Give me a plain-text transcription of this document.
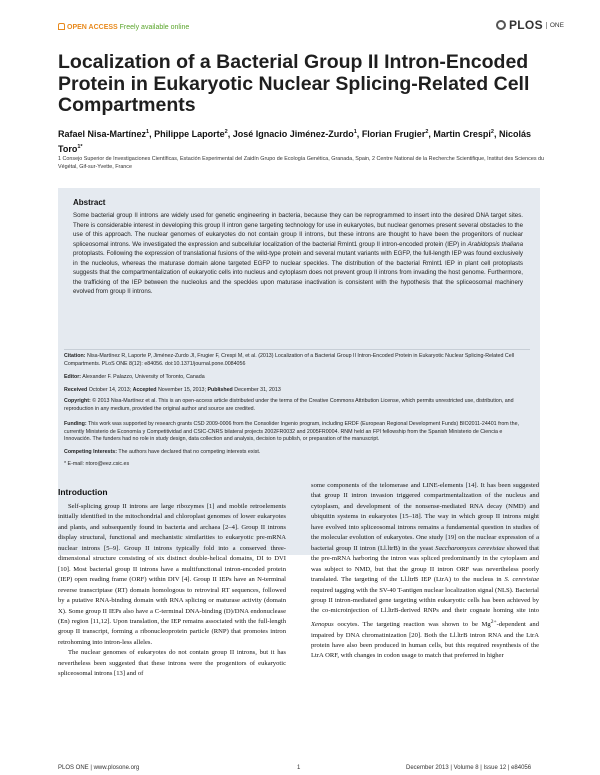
OPEN ACCESS Freely available online	PLOS	ONE
Localization of a Bacterial Group II Intron-Encoded Protein in Eukaryotic Nuclear Splicing-Related Cell Compartments
Rafael Nisa-Martínez$^1$, Philippe Laporte$^2$, José Ignacio Jiménez-Zurdo$^1$, Florian Frugier$^2$, Martin Crespi$^2$, Nicolás Toro$^{1*}$
1 Consejo Superior de Investigaciones Científicas, Estación Experimental del Zaidín Grupo de Ecología Genética, Granada, Spain, 2 Centre National de la Recherche Scientifique, Institut des Sciences du Végétal, Gif-sur-Yvette, France
Abstract
Some bacterial group II introns are widely used for genetic engineering in bacteria, because they can be reprogrammed to insert into the desired DNA target sites. There is considerable interest in developing this group II intron gene targeting technology for use in eukaryotes, but nuclear genomes present several obstacles to the use of this approach. The nuclear genomes of eukaryotes do not contain group II introns, but these introns are thought to have been the progenitors of nuclear spliceosomal introns. We investigated the expression and subcellular localization of the bacterial RmInt1 group II intron-encoded protein (IEP) in Arabidopsis thaliana protoplasts. Following the expression of translational fusions of the wild-type protein and several mutant variants with EGFP, the full-length IEP was found exclusively in the nucleolus, whereas the maturase domain alone targeted EGFP to nuclear speckles. The distribution of the bacterial RmInt1 IEP in plant cell protoplasts suggests that the compartmentalization of eukaryotic cells into nucleus and cytoplasm does not prevent group II introns from invading the host genome. Furthermore, the trafficking of the IEP between the nucleolus and the speckles upon maturase inactivation is consistent with the hypothesis that the spliceosomal machinery evolved from group II introns.
Citation: Nisa-Martínez R, Laporte P, Jiménez-Zurdo JI, Frugier F, Crespi M, et al. (2013) Localization of a Bacterial Group II Intron-Encoded Protein in Eukaryotic Nuclear Splicing-Related Cell Compartments. PLoS ONE 8(12): e84056. doi:10.1371/journal.pone.0084056
Editor: Alexander F. Palazzo, University of Toronto, Canada
Received October 14, 2013; Accepted November 15, 2013; Published December 31, 2013
Copyright: © 2013 Nisa-Martínez et al. This is an open-access article distributed under the terms of the Creative Commons Attribution License, which permits unrestricted use, distribution, and reproduction in any medium, provided the original author and source are credited.
Funding: This work was supported by research grants CSD 2009-0006 from the Consolider Ingenio program, including ERDF (European Regional Development Funds) BIO2011-24401 from the, currently Ministerio de Economía y Competitividad and CSIC-CNRS bilateral projects 2002FR0032 and 2005FR0004. RNM held an FPI fellowship from the Spanish Ministerio de Ciencia e Innovación. The funders had no role in study design, data collection and analysis, decision to publish, or preparation of the manuscript.
Competing Interests: The authors have declared that no competing interests exist.
* E-mail: ntoro@eez.csic.es
Introduction

Self-splicing group II introns are large ribozymes [1] and mobile retroelements initially identified in the mitochondrial and chloroplast genomes of lower eukaryotes and plants, and subsequently found in bacteria and archaea [2–4]. Group II introns display structural, functional and mechanistic similarities to eukaryotic pre-mRNA nuclear introns [5–9]. Group II introns typically fold into a conserved three-dimensional structure consisting of six distinct double-helical domains, DI to DVI [10]. Most bacterial group II introns have a multifunctional intron-encoded protein (IEP) open reading frame (ORF) within DIV [4]. Group II IEPs have an N-terminal reverse transcriptase (RT) domain homologous to retroviral RT sequences, followed by a putative RNA-binding domain with RNA splicing or maturase activity (domain X). Some group II IEPs also have a C-terminal DNA-binding (D)/DNA endonuclease (En) region [11,12]. Upon translation, the IEP remains associated with the full-length group II transcript, forming a ribonucleoprotein particle (RNP) that promotes intron retrohoming into intron-less alleles.

The nuclear genomes of eukaryotes do not contain group II introns, but it has nevertheless been suggested that these introns were the progenitors of eukaryotic spliceosomal introns [13] and of

some components of the telomerase and LINE-elements [14]. It has been suggested that group II intron invasion triggered compartmentalization of the nucleus and cytoplasm, and development of the nonsense-mediated RNA decay (NMD) and ubiquitin systems in eukaryotes [15–18]. The way in which group II introns might have evolved into spliceosomal introns remains a fundamental question in studies of the molecular evolution of eukaryotes. One study [19] on the nuclear expression of a bacterial group II intron (Ll.ltrB) in the yeast Saccharomyces cerevisiae showed that the pre-mRNA harboring the intron was spliced predominantly in the cytoplasm and was subject to NMD, but that the group II intron ORF was nevertheless poorly translated. The targeting of the Ll.ltrB IEP (LtrA) to the nucleus in S. cerevisiae required tagging with the SV-40 T-antigen nuclear localization signal (NLS). Bacterial group II intron-mediated gene targeting within eukaryotic cells has been achieved by the co-microinjection of Ll.ltrB-derived RNPs and their cognate homing site into Xenopus oocytes. The targeting reaction was shown to be $Mg^{2+}$-dependent and impaired by DNA chromatinization [20]. Both the Ll.ltrB intron RNA and the LtrA protein have also been produced in human cells, but this required resynthesis of the LtrA ORF, with changes in codon usage to match that preferred in higher

PLOS ONE | www.plosone.org	1	December 2013 | Volume 8 | Issue 12 | e84056
